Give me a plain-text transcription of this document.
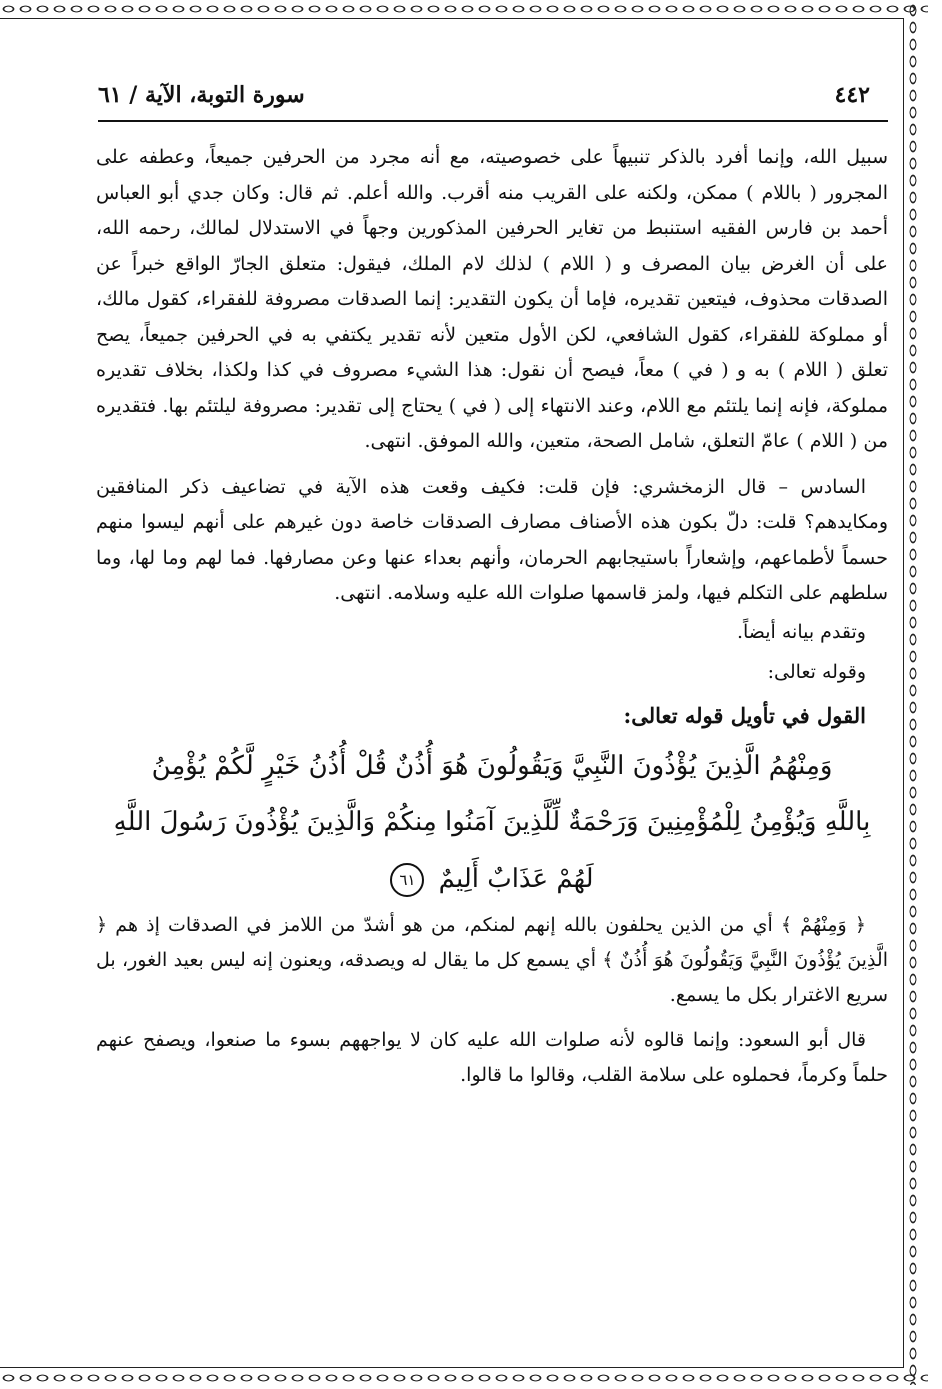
٤٤٢
سورة التوبة، الآية / ٦١

سبيل الله، وإنما أفرد بالذكر تنبيهاً على خصوصيته، مع أنه مجرد من الحرفين جميعاً، وعطفه على المجرور ( باللام ) ممكن، ولكنه على القريب منه أقرب. والله أعلم. ثم قال: وكان جدي أبو العباس أحمد بن فارس الفقيه استنبط من تغاير الحرفين المذكورين وجهاً في الاستدلال لمالك، رحمه الله، على أن الغرض بيان المصرف و ( اللام ) لذلك لام الملك، فيقول: متعلق الجارّ الواقع خبراً عن الصدقات محذوف، فيتعين تقديره، فإما أن يكون التقدير: إنما الصدقات مصروفة للفقراء، كقول مالك، أو مملوكة للفقراء، كقول الشافعي، لكن الأول متعين لأنه تقدير يكتفي به في الحرفين جميعاً، يصح تعلق ( اللام ) به و ( في ) معاً، فيصح أن نقول: هذا الشيء مصروف في كذا ولكذا، بخلاف تقديره مملوكة، فإنه إنما يلتئم مع اللام، وعند الانتهاء إلى ( في ) يحتاج إلى تقدير: مصروفة ليلتئم بها. فتقديره من ( اللام ) عامّ التعلق، شامل الصحة، متعين، والله الموفق. انتهى.

السادس – قال الزمخشري: فإن قلت: فكيف وقعت هذه الآية في تضاعيف ذكر المنافقين ومكايدهم؟ قلت: دلّ بكون هذه الأصناف مصارف الصدقات خاصة دون غيرهم على أنهم ليسوا منهم حسماً لأطماعهم، وإشعاراً باستيجابهم الحرمان، وأنهم بعداء عنها وعن مصارفها. فما لهم وما لها، وما سلطهم على التكلم فيها، ولمز قاسمها صلوات الله عليه وسلامه. انتهى.

وتقدم بيانه أيضاً.

وقوله تعالى:

القول في تأويل قوله تعالى:

وَمِنْهُمُ الَّذِينَ يُؤْذُونَ النَّبِيَّ وَيَقُولُونَ هُوَ أُذُنٌ قُلْ أُذُنُ خَيْرٍ لَّكُمْ يُؤْمِنُ

بِاللَّهِ وَيُؤْمِنُ لِلْمُؤْمِنِينَ وَرَحْمَةٌ لِّلَّذِينَ آمَنُوا مِنكُمْ وَالَّذِينَ يُؤْذُونَ رَسُولَ اللَّهِ

لَهُمْ عَذَابٌ أَلِيمٌ ٦١

﴿ وَمِنْهُمْ ﴾ أي من الذين يحلفون بالله إنهم لمنكم، من هو أشدّ من اللامز في الصدقات إذ هم ﴿ الَّذِينَ يُؤْذُونَ النَّبِيَّ وَيَقُولُونَ هُوَ أُذُنٌ ﴾ أي يسمع كل ما يقال له ويصدقه، ويعنون إنه ليس بعيد الغور، بل سريع الاغترار بكل ما يسمع.

قال أبو السعود: وإنما قالوه لأنه صلوات الله عليه كان لا يواجههم بسوء ما صنعوا، ويصفح عنهم حلماً وكرماً، فحملوه على سلامة القلب، وقالوا ما قالوا.
